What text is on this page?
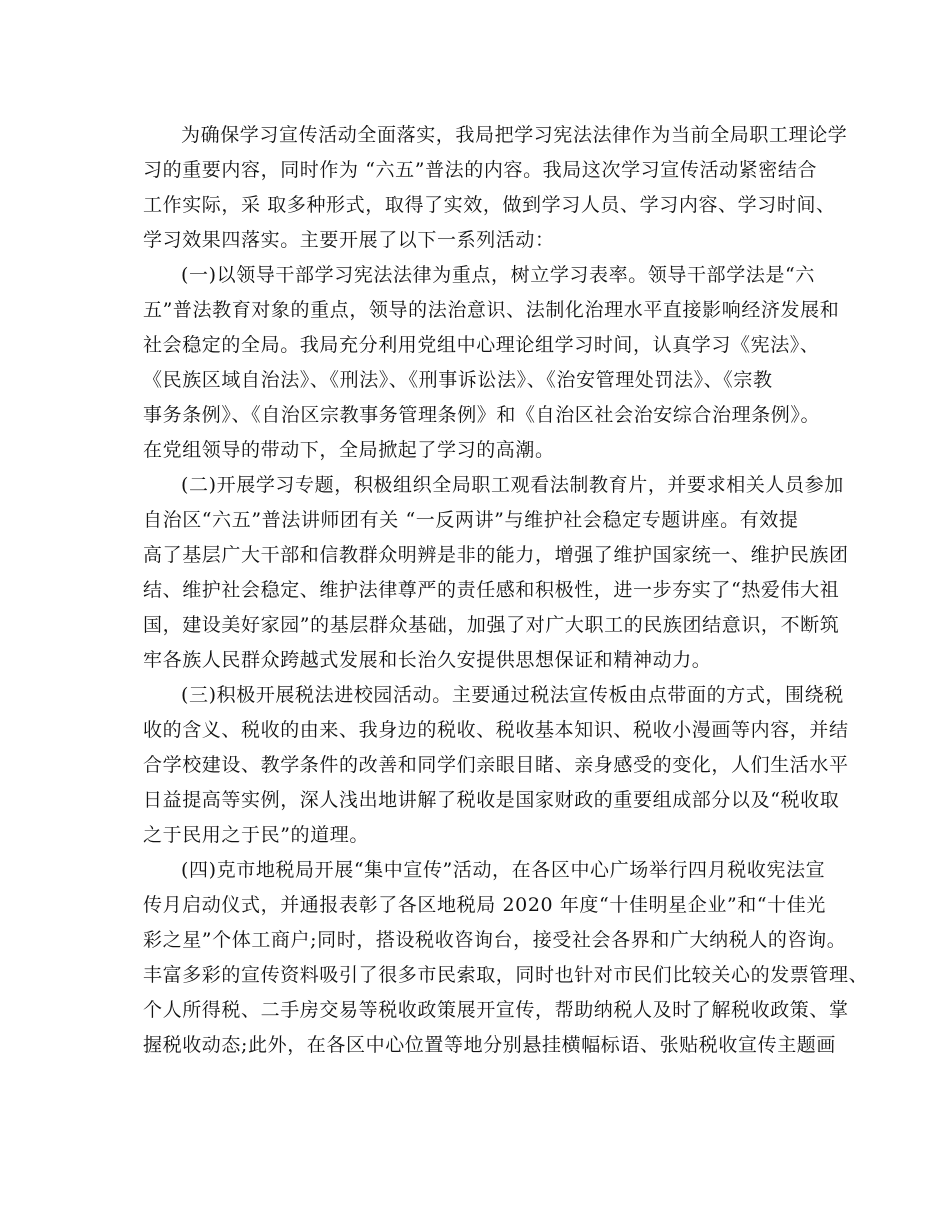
为确保学习宣传活动全面落实，我局把学习宪法法律作为当前全局职工理论学
习的重要内容，同时作为 “六五”普法的内容。我局这次学习宣传活动紧密结合
工作实际，采 取多种形式，取得了实效，做到学习人员、学习内容、学习时间、
学习效果四落实。主要开展了以下一系列活动：
(一)以领导干部学习宪法法律为重点，树立学习表率。领导干部学法是“六
五”普法教育对象的重点，领导的法治意识、法制化治理水平直接影响经济发展和
社会稳定的全局。我局充分利用党组中心理论组学习时间，认真学习《宪法》、
《民族区域自治法》、《刑法》、《刑事诉讼法》、《治安管理处罚法》、《宗教
事务条例》、《自治区宗教事务管理条例》和《自治区社会治安综合治理条例》。
在党组领导的带动下，全局掀起了学习的高潮。
(二)开展学习专题，积极组织全局职工观看法制教育片，并要求相关人员参加
自治区“六五”普法讲师团有关 “一反两讲”与维护社会稳定专题讲座。有效提
高了基层广大干部和信教群众明辨是非的能力，增强了维护国家统一、维护民族团
结、维护社会稳定、维护法律尊严的责任感和积极性，进一步夯实了“热爱伟大祖
国，建设美好家园”的基层群众基础，加强了对广大职工的民族团结意识，不断筑
牢各族人民群众跨越式发展和长治久安提供思想保证和精神动力。
(三)积极开展税法进校园活动。主要通过税法宣传板由点带面的方式，围绕税
收的含义、税收的由来、我身边的税收、税收基本知识、税收小漫画等内容，并结
合学校建设、教学条件的改善和同学们亲眼目睹、亲身感受的变化，人们生活水平
日益提高等实例，深人浅出地讲解了税收是国家财政的重要组成部分以及“税收取
之于民用之于民”的道理。
(四)克市地税局开展“集中宣传”活动，在各区中心广场举行四月税收宪法宣
传月启动仪式，并通报表彰了各区地税局 2020 年度“十佳明星企业”和“十佳光
彩之星”个体工商户;同时，搭设税收咨询台，接受社会各界和广大纳税人的咨询。
丰富多彩的宣传资料吸引了很多市民索取，同时也针对市民们比较关心的发票管理、
个人所得税、二手房交易等税收政策展开宣传，帮助纳税人及时了解税收政策、掌
握税收动态;此外，在各区中心位置等地分别悬挂横幅标语、张贴税收宣传主题画
